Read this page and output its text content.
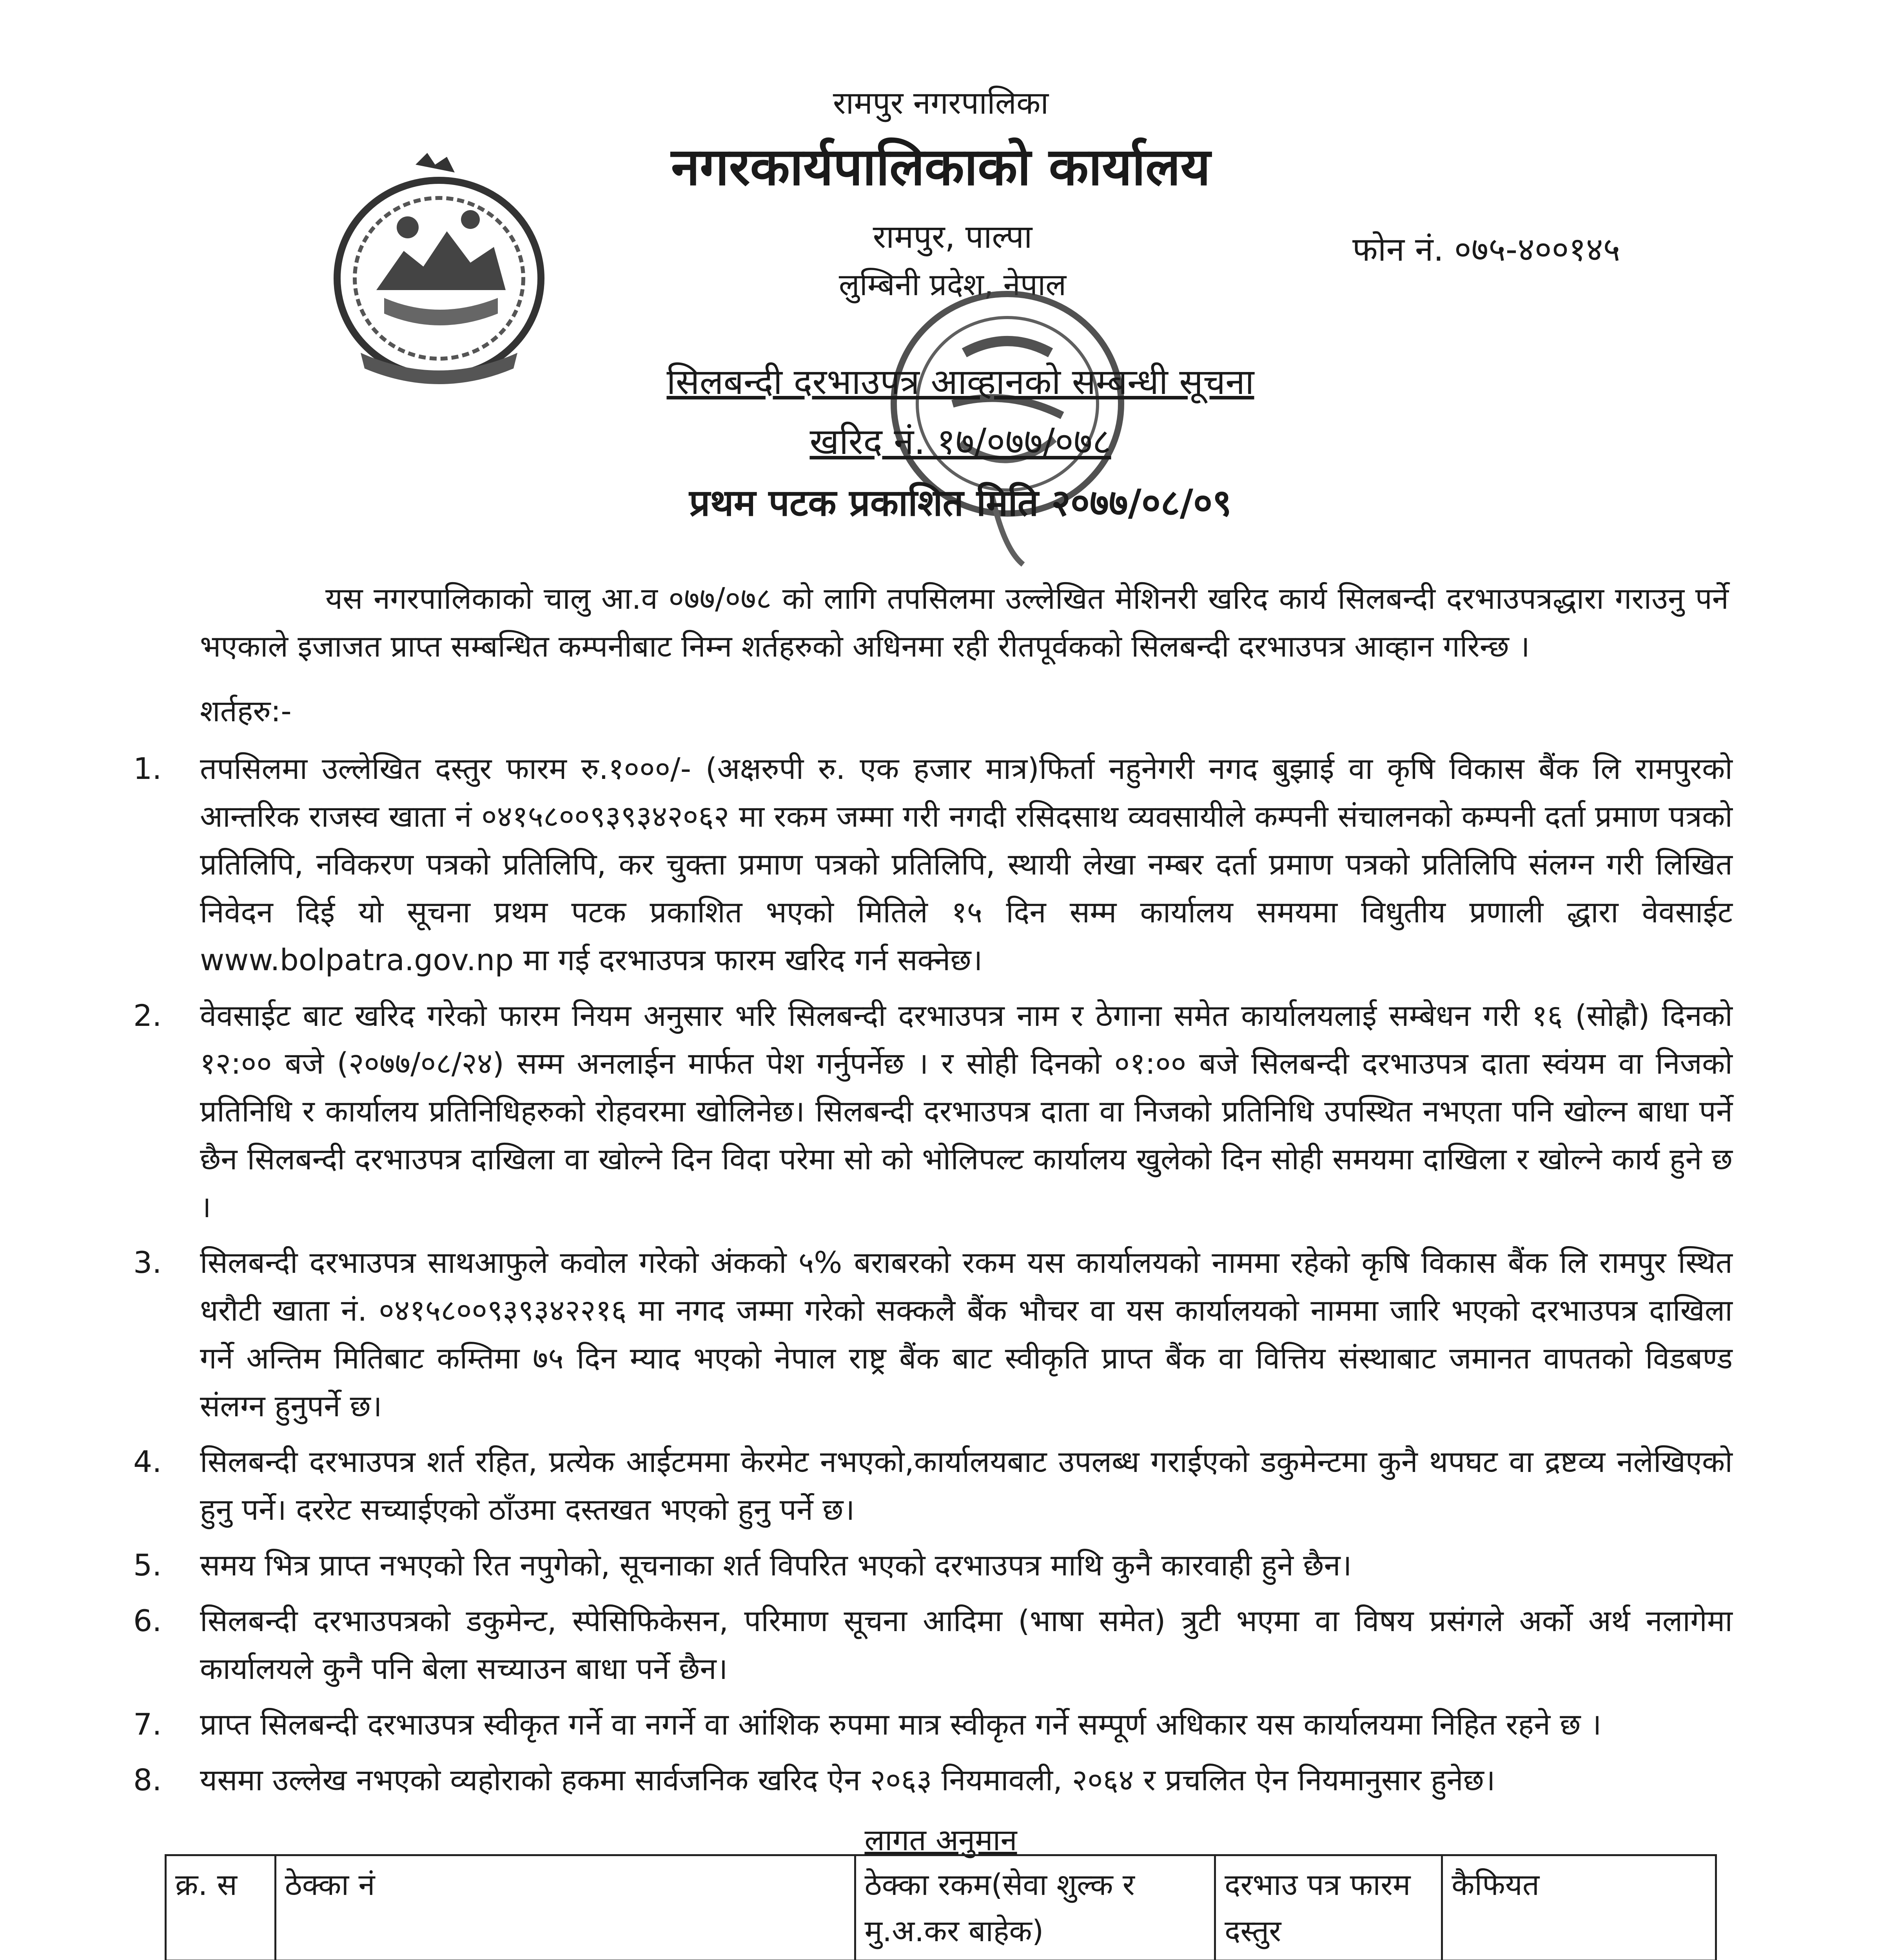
रामपुर नगरपालिका
नगरकार्यपालिकाको कार्यालय
रामपुर, पाल्पा
लुम्बिनी प्रदेश, नेपाल
फोन नं. ०७५-४००१४५
सिलबन्दी दरभाउपत्र आव्हानको सम्बन्धी सूचना
खरिद नं. १७/०७७/०७८
प्रथम पटक प्रकाशित मिति २०७७/०८/०९

यस नगरपालिकाको चालु आ.व ०७७/०७८ को लागि तपसिलमा उल्लेखित मेशिनरी खरिद कार्य सिलबन्दी दरभाउपत्रद्धारा गराउनु पर्ने भएकाले इजाजत प्राप्त सम्बन्धित कम्पनीबाट निम्न शर्तहरुको अधिनमा रही रीतपूर्वकको सिलबन्दी दरभाउपत्र आव्हान गरिन्छ ।

शर्तहरु:-
1.	तपसिलमा उल्लेखित दस्तुर फारम रु.१०००/- (अक्षरुपी रु. एक हजार मात्र)फिर्ता नहुनेगरी नगद बुझाई वा कृषि विकास बैंक लि रामपुरको आन्तरिक राजस्व खाता नं ०४१५८००९३९३४२०६२ मा रकम जम्मा गरी नगदी रसिदसाथ व्यवसायीले कम्पनी संचालनको कम्पनी दर्ता प्रमाण पत्रको प्रतिलिपि, नविकरण पत्रको प्रतिलिपि, कर चुक्ता प्रमाण पत्रको प्रतिलिपि, स्थायी लेखा नम्बर दर्ता प्रमाण पत्रको प्रतिलिपि संलग्न गरी लिखित निवेदन दिई यो सूचना प्रथम पटक प्रकाशित भएको मितिले १५ दिन सम्म कार्यालय समयमा विधुतीय प्रणाली द्धारा वेवसाईट www.bolpatra.gov.np मा गई दरभाउपत्र फारम खरिद गर्न सक्नेछ।
2.	वेवसाईट बाट खरिद गरेको फारम नियम अनुसार भरि सिलबन्दी दरभाउपत्र नाम र ठेगाना समेत कार्यालयलाई सम्बेधन गरी १६ (सोह्रौ) दिनको १२:०० बजे (२०७७/०८/२४) सम्म अनलाईन मार्फत पेश गर्नुपर्नेछ । र सोही दिनको ०१:०० बजे सिलबन्दी दरभाउपत्र दाता स्वंयम वा निजको प्रतिनिधि र कार्यालय प्रतिनिधिहरुको रोहवरमा खोलिनेछ। सिलबन्दी दरभाउपत्र दाता वा निजको प्रतिनिधि उपस्थित नभएता पनि खोल्न बाधा पर्ने छैन सिलबन्दी दरभाउपत्र दाखिला वा खोल्ने दिन विदा परेमा सो को भोलिपल्ट कार्यालय खुलेको दिन सोही समयमा दाखिला र खोल्ने कार्य हुने छ ।
3.	सिलबन्दी दरभाउपत्र साथआफुले कवोल गरेको अंकको ५% बराबरको रकम यस कार्यालयको नाममा रहेको कृषि विकास बैंक लि रामपुर स्थित धरौटी खाता नं. ०४१५८००९३९३४२२१६ मा नगद जम्मा गरेको सक्कलै बैंक भौचर वा यस कार्यालयको नाममा जारि भएको दरभाउपत्र दाखिला गर्ने अन्तिम मितिबाट कम्तिमा ७५ दिन म्याद भएको नेपाल राष्ट्र बैंक बाट स्वीकृति प्राप्त बैंक वा वित्तिय संस्थाबाट जमानत वापतको विडबण्ड संलग्न हुनुपर्ने छ।
4.	सिलबन्दी दरभाउपत्र शर्त रहित, प्रत्येक आईटममा केरमेट नभएको,कार्यालयबाट उपलब्ध गराईएको डकुमेन्टमा कुनै थपघट वा द्रष्टव्य नलेखिएको हुनु पर्ने। दररेट सच्याईएको ठाँउमा दस्तखत भएको हुनु पर्ने छ।
5.	समय भित्र प्राप्त नभएको रित नपुगेको, सूचनाका शर्त विपरित भएको दरभाउपत्र माथि कुनै कारवाही हुने छैन।
6.	सिलबन्दी दरभाउपत्रको डकुमेन्ट, स्पेसिफिकेसन, परिमाण सूचना आदिमा (भाषा समेत) त्रुटी भएमा वा विषय प्रसंगले अर्को अर्थ नलागेमा कार्यालयले कुनै पनि बेला सच्याउन बाधा पर्ने छैन।
7.	प्राप्त सिलबन्दी दरभाउपत्र स्वीकृत गर्ने वा नगर्ने वा आंशिक रुपमा मात्र स्वीकृत गर्ने सम्पूर्ण अधिकार यस कार्यालयमा निहित रहने छ ।
8.	यसमा उल्लेख नभएको व्यहोराको हकमा सार्वजनिक खरिद ऐन २०६३ नियमावली, २०६४ र प्रचलित ऐन नियमानुसार हुनेछ।
लागत अनुमान
क्र. स	ठेक्का नं	ठेक्का रकम(सेवा शुल्क र मु.अ.कर बाहेक)	दरभाउ पत्र फारम दस्तुर	कैफियत
